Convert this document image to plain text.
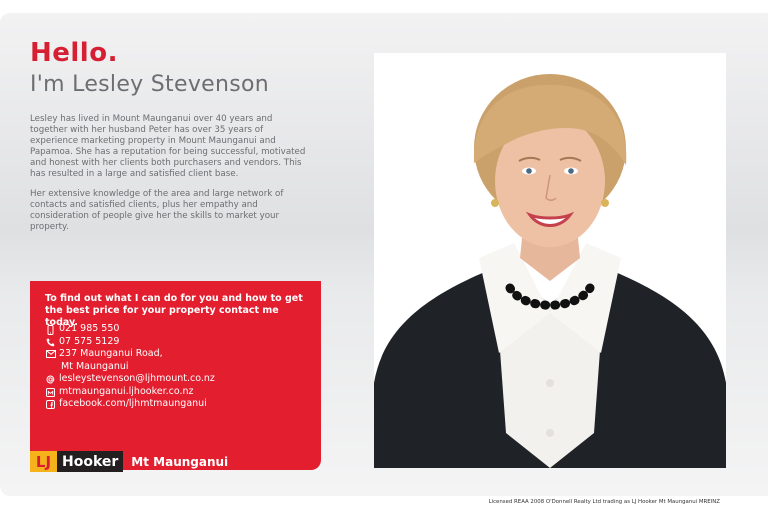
Hello.
I'm Lesley Stevenson

Lesley has lived in Mount Maunganui over 40 years and together with her husband Peter has over 35 years of experience marketing property in Mount Maunganui and Papamoa. She has a reputation for being successful, motivated and honest with her clients both purchasers and vendors. This has resulted in a large and satisfied client base.

Her extensive knowledge of the area and large network of contacts and satisfied clients, plus her empathy and consideration of people give her the skills to market your property.

To find out what I can do for you and how to get the best price for your property contact me today.
021 985 550
07 575 5129
237 Maunganui Road,
Mt Maunganui
lesleystevenson@ljhmount.co.nz
mtmaunganui.ljhooker.co.nz
facebook.com/ljhmtmaunganui
LJ Hooker	Mt Maunganui
Licensed REAA 2008 O'Donnell Realty Ltd trading as LJ Hooker Mt Maunganui MREINZ
